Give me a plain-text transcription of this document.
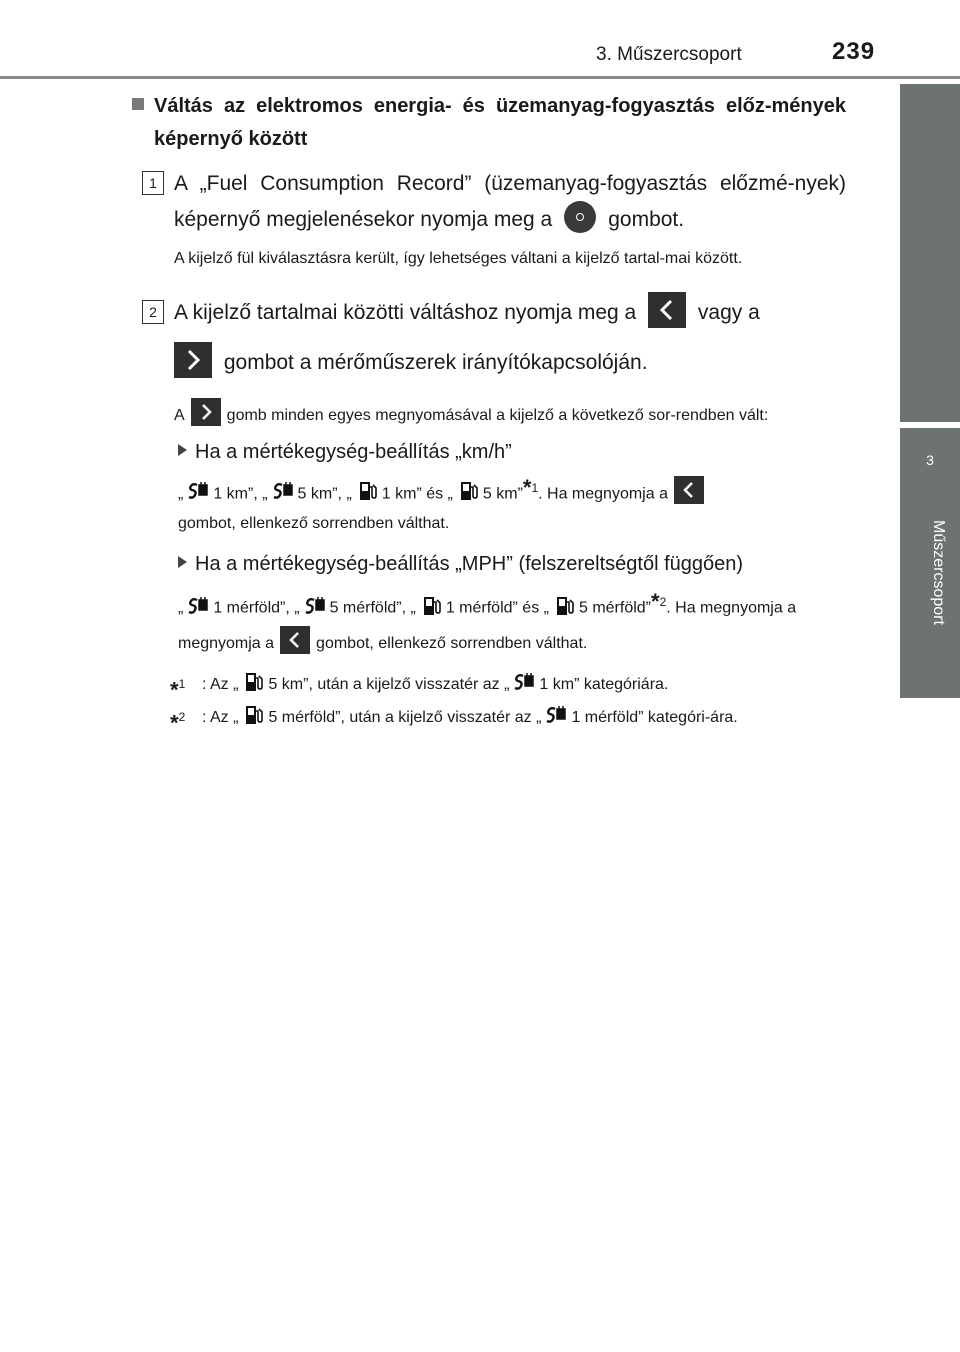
3. Műszercsoport	239
3
Műszercsoport
Váltás az elektromos energia- és üzemanyag-fogyasztás előz-mények képernyő között
1 A „Fuel Consumption Record” (üzemanyag-fogyasztás előzmé-nyek) képernyő megjelenésekor nyomja meg a	gombot.
A kijelző fül kiválasztásra került, így lehetséges váltani a kijelző tartal-mai között.
2 A kijelző tartalmai közötti váltáshoz nyomja meg a	vagy a

gombot a mérőműszerek irányítókapcsolóján.
A	gomb minden egyes megnyomásával a kijelző a következő sor-rendben vált:
Ha a mértékegység-beállítás „km/h”
„ 1 km”, „ 5 km”, „ 1 km” és „ 5 km”$^{*1}$. Ha megnyomja a

gombot, ellenkező sorrendben válthat.
Ha a mértékegység-beállítás „MPH” (felszereltségtől függően)
„ 1 mérföld”, „ 5 mérföld”, „ 1 mérföld” és „ 5 mérföld”$^{*2}$. Ha megnyomja a
megnyomja a	gombot, ellenkező sorrendben válthat.
*$^1$ : Az „ 5 km”, után a kijelző visszatér az „ 1 km” kategóriára.
*$^2$ : Az „ 5 mérföld”, után a kijelző visszatér az „ 1 mérföld” kategóri-ára.
